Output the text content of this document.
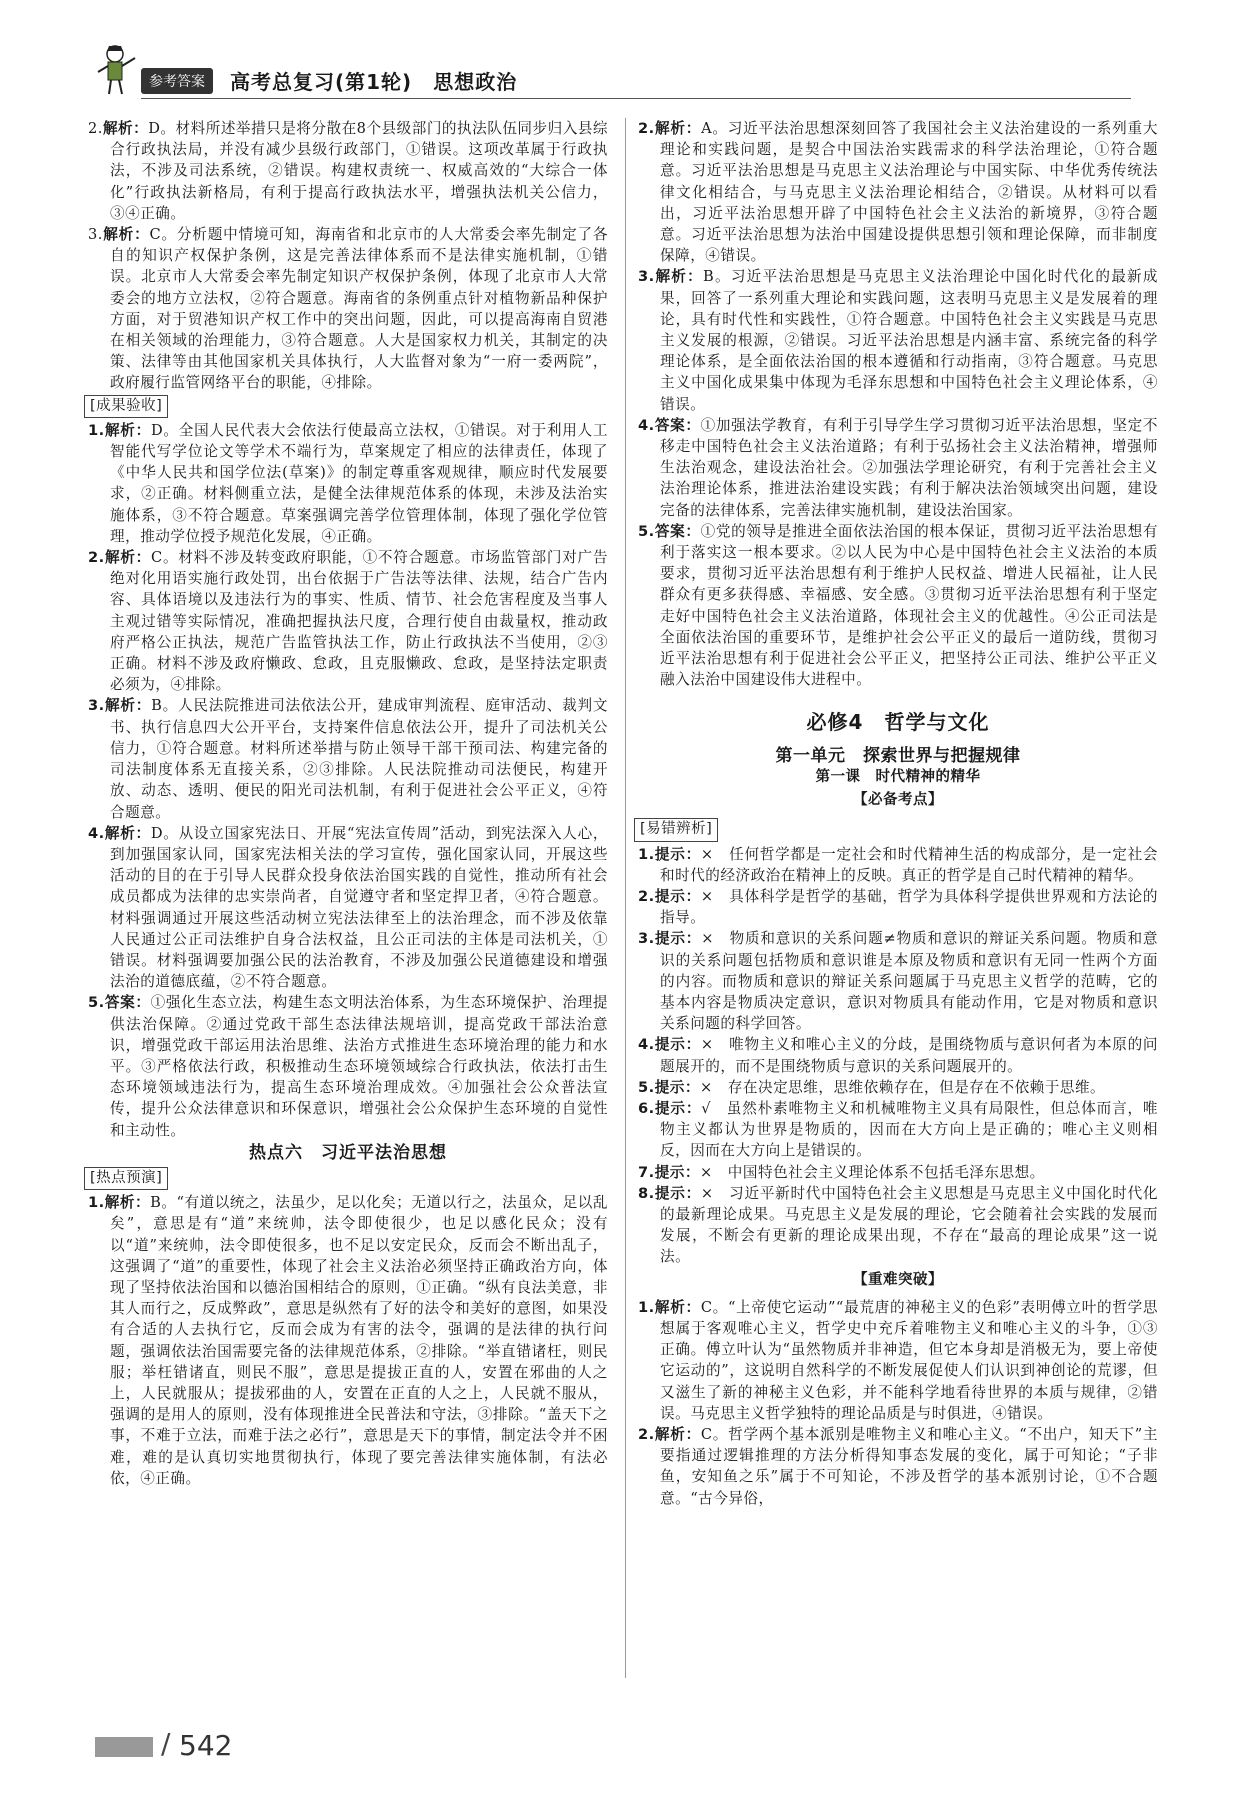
参考答案	高考总复习(第1轮)　思想政治

2.解析：D。材料所述举措只是将分散在8个县级部门的执法队伍同步归入县综合行政执法局，并没有减少县级行政部门，①错误。这项改革属于行政执法，不涉及司法系统，②错误。构建权责统一、权威高效的“大综合一体化”行政执法新格局，有利于提高行政执法水平，增强执法机关公信力，③④正确。

3.解析：C。分析题中情境可知，海南省和北京市的人大常委会率先制定了各自的知识产权保护条例，这是完善法律体系而不是法律实施机制，①错误。北京市人大常委会率先制定知识产权保护条例，体现了北京市人大常委会的地方立法权，②符合题意。海南省的条例重点针对植物新品种保护方面，对于贸港知识产权工作中的突出问题，因此，可以提高海南自贸港在相关领域的治理能力，③符合题意。人大是国家权力机关，其制定的决策、法律等由其他国家机关具体执行，人大监督对象为“一府一委两院”，政府履行监管网络平台的职能，④排除。

[成果验收]

1.解析：D。全国人民代表大会依法行使最高立法权，①错误。对于利用人工智能代写学位论文等学术不端行为，草案规定了相应的法律责任，体现了《中华人民共和国学位法(草案)》的制定尊重客观规律，顺应时代发展要求，②正确。材料侧重立法，是健全法律规范体系的体现，未涉及法治实施体系，③不符合题意。草案强调完善学位管理体制，体现了强化学位管理，推动学位授予规范化发展，④正确。

2.解析：C。材料不涉及转变政府职能，①不符合题意。市场监管部门对广告绝对化用语实施行政处罚，出台依据于广告法等法律、法规，结合广告内容、具体语境以及违法行为的事实、性质、情节、社会危害程度及当事人主观过错等实际情况，准确把握执法尺度，合理行使自由裁量权，推动政府严格公正执法，规范广告监管执法工作，防止行政执法不当使用，②③正确。材料不涉及政府懒政、怠政，且克服懒政、怠政，是坚持法定职责必须为，④排除。

3.解析：B。人民法院推进司法依法公开，建成审判流程、庭审活动、裁判文书、执行信息四大公开平台，支持案件信息依法公开，提升了司法机关公信力，①符合题意。材料所述举措与防止领导干部干预司法、构建完备的司法制度体系无直接关系，②③排除。人民法院推动司法便民，构建开放、动态、透明、便民的阳光司法机制，有利于促进社会公平正义，④符合题意。

4.解析：D。从设立国家宪法日、开展“宪法宣传周”活动，到宪法深入人心，到加强国家认同，国家宪法相关法的学习宣传，强化国家认同，开展这些活动的目的在于引导人民群众投身依法治国实践的自觉性，推动所有社会成员都成为法律的忠实崇尚者，自觉遵守者和坚定捍卫者，④符合题意。材料强调通过开展这些活动树立宪法法律至上的法治理念，而不涉及依靠人民通过公正司法维护自身合法权益，且公正司法的主体是司法机关，①错误。材料强调要加强公民的法治教育，不涉及加强公民道德建设和增强法治的道德底蕴，②不符合题意。

5.答案：①强化生态立法，构建生态文明法治体系，为生态环境保护、治理提供法治保障。②通过党政干部生态法律法规培训，提高党政干部法治意识，增强党政干部运用法治思维、法治方式推进生态环境治理的能力和水平。③严格依法行政，积极推动生态环境领域综合行政执法，依法打击生态环境领域违法行为，提高生态环境治理成效。④加强社会公众普法宣传，提升公众法律意识和环保意识，增强社会公众保护生态环境的自觉性和主动性。

热点六　习近平法治思想
[热点预演]

1.解析：B。“有道以统之，法虽少，足以化矣；无道以行之，法虽众，足以乱矣”，意思是有“道”来统帅，法令即使很少，也足以感化民众；没有以“道”来统帅，法令即使很多，也不足以安定民众，反而会不断出乱子，这强调了“道”的重要性，体现了社会主义法治必须坚持正确政治方向，体现了坚持依法治国和以德治国相结合的原则，①正确。“纵有良法美意，非其人而行之，反成弊政”，意思是纵然有了好的法令和美好的意图，如果没有合适的人去执行它，反而会成为有害的法令，强调的是法律的执行问题，强调依法治国需要完备的法律规范体系，②排除。“举直错诸枉，则民服；举枉错诸直，则民不服”，意思是提拔正直的人，安置在邪曲的人之上，人民就服从；提拔邪曲的人，安置在正直的人之上，人民就不服从，强调的是用人的原则，没有体现推进全民普法和守法，③排除。“盖天下之事，不难于立法，而难于法之必行”，意思是天下的事情，制定法令并不困难，难的是认真切实地贯彻执行，体现了要完善法律实施体制，有法必依，④正确。

2.解析：A。习近平法治思想深刻回答了我国社会主义法治建设的一系列重大理论和实践问题，是契合中国法治实践需求的科学法治理论，①符合题意。习近平法治思想是马克思主义法治理论与中国实际、中华优秀传统法律文化相结合，与马克思主义法治理论相结合，②错误。从材料可以看出，习近平法治思想开辟了中国特色社会主义法治的新境界，③符合题意。习近平法治思想为法治中国建设提供思想引领和理论保障，而非制度保障，④错误。

3.解析：B。习近平法治思想是马克思主义法治理论中国化时代化的最新成果，回答了一系列重大理论和实践问题，这表明马克思主义是发展着的理论，具有时代性和实践性，①符合题意。中国特色社会主义实践是马克思主义发展的根源，②错误。习近平法治思想是内涵丰富、系统完备的科学理论体系，是全面依法治国的根本遵循和行动指南，③符合题意。马克思主义中国化成果集中体现为毛泽东思想和中国特色社会主义理论体系，④错误。

4.答案：①加强法学教育，有利于引导学生学习贯彻习近平法治思想，坚定不移走中国特色社会主义法治道路；有利于弘扬社会主义法治精神，增强师生法治观念，建设法治社会。②加强法学理论研究，有利于完善社会主义法治理论体系，推进法治建设实践；有利于解决法治领域突出问题，建设完备的法律体系，完善法律实施机制，建设法治国家。

5.答案：①党的领导是推进全面依法治国的根本保证，贯彻习近平法治思想有利于落实这一根本要求。②以人民为中心是中国特色社会主义法治的本质要求，贯彻习近平法治思想有利于维护人民权益、增进人民福祉，让人民群众有更多获得感、幸福感、安全感。③贯彻习近平法治思想有利于坚定走好中国特色社会主义法治道路，体现社会主义的优越性。④公正司法是全面依法治国的重要环节，是维护社会公平正义的最后一道防线，贯彻习近平法治思想有利于促进社会公平正义，把坚持公正司法、维护公平正义融入法治中国建设伟大进程中。

必修4　哲学与文化
第一单元　探索世界与把握规律
第一课　时代精神的精华
【必备考点】
[易错辨析]

1.提示：×　任何哲学都是一定社会和时代精神生活的构成部分，是一定社会和时代的经济政治在精神上的反映。真正的哲学是自己时代精神的精华。

2.提示：×　具体科学是哲学的基础，哲学为具体科学提供世界观和方法论的指导。

3.提示：×　物质和意识的关系问题≠物质和意识的辩证关系问题。物质和意识的关系问题包括物质和意识谁是本原及物质和意识有无同一性两个方面的内容。而物质和意识的辩证关系问题属于马克思主义哲学的范畴，它的基本内容是物质决定意识，意识对物质具有能动作用，它是对物质和意识关系问题的科学回答。

4.提示：×　唯物主义和唯心主义的分歧，是围绕物质与意识何者为本原的问题展开的，而不是围绕物质与意识的关系问题展开的。

5.提示：×　存在决定思维，思维依赖存在，但是存在不依赖于思维。

6.提示：√　虽然朴素唯物主义和机械唯物主义具有局限性，但总体而言，唯物主义都认为世界是物质的，因而在大方向上是正确的；唯心主义则相反，因而在大方向上是错误的。

7.提示：×　中国特色社会主义理论体系不包括毛泽东思想。

8.提示：×　习近平新时代中国特色社会主义思想是马克思主义中国化时代化的最新理论成果。马克思主义是发展的理论，它会随着社会实践的发展而发展，不断会有更新的理论成果出现，不存在“最高的理论成果”这一说法。

【重难突破】

1.解析：C。“上帝使它运动”“最荒唐的神秘主义的色彩”表明傅立叶的哲学思想属于客观唯心主义，哲学史中充斥着唯物主义和唯心主义的斗争，①③正确。傅立叶认为“虽然物质并非神造，但它本身却是消极无为，要上帝使它运动的”，这说明自然科学的不断发展促使人们认识到神创论的荒谬，但又滋生了新的神秘主义色彩，并不能科学地看待世界的本质与规律，②错误。马克思主义哲学独特的理论品质是与时俱进，④错误。

2.解析：C。哲学两个基本派别是唯物主义和唯心主义。“不出户，知天下”主要指通过逻辑推理的方法分析得知事态发展的变化，属于可知论；“子非鱼，安知鱼之乐”属于不可知论，不涉及哲学的基本派别讨论，①不合题意。“古今异俗，

/ 542
